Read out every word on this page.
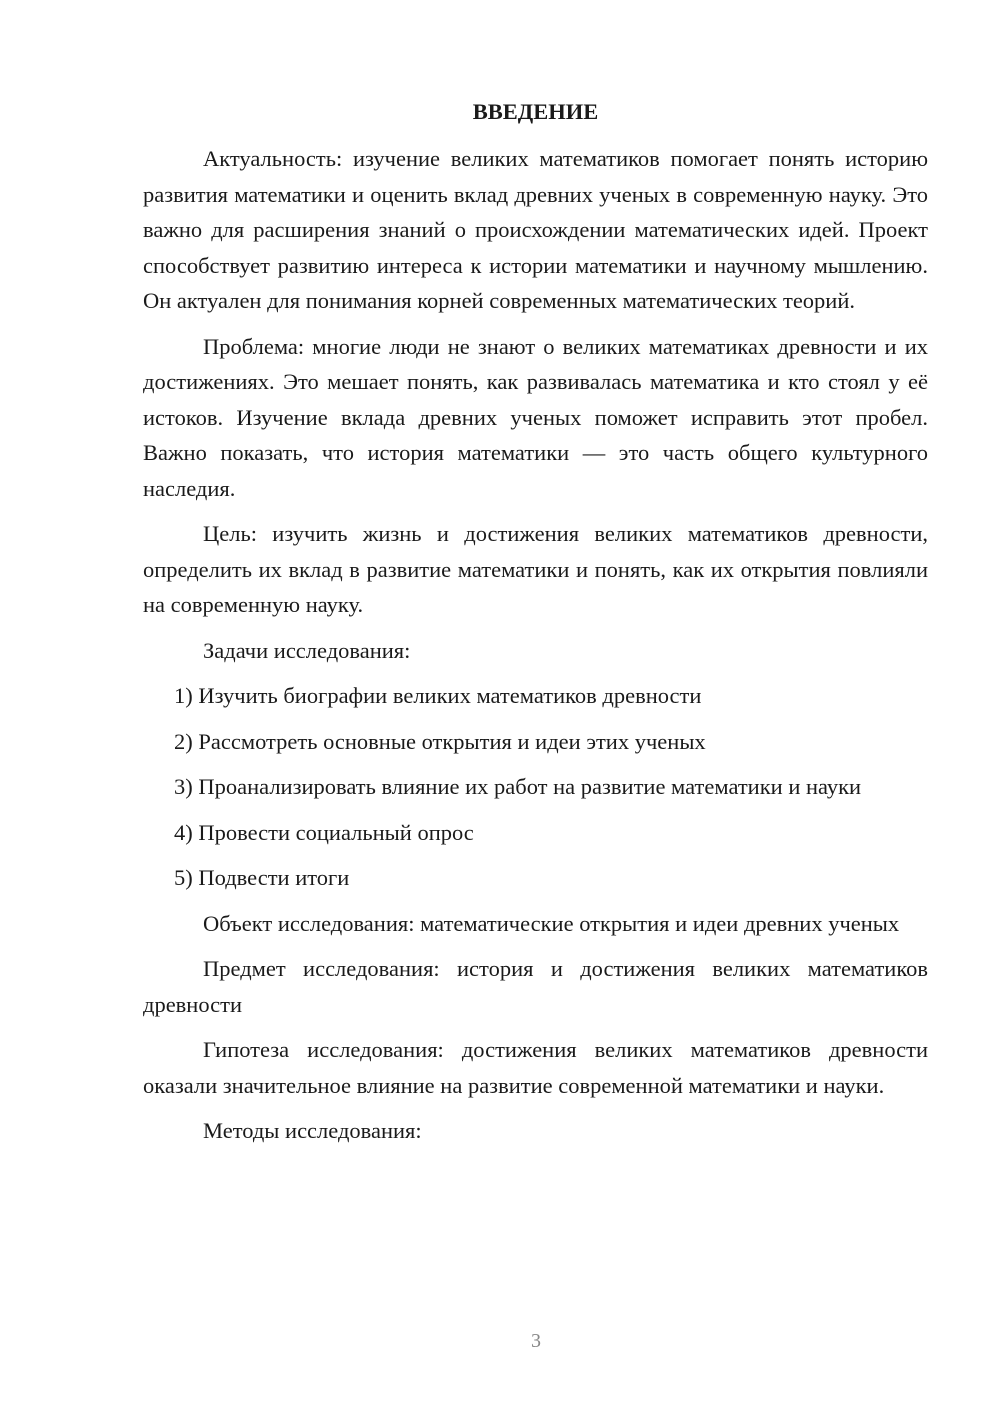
ВВЕДЕНИЕ

Актуальность: изучение великих математиков помогает понять историю развития математики и оценить вклад древних ученых в современную науку. Это важно для расширения знаний о происхождении математических идей. Проект способствует развитию интереса к истории математики и научному мышлению. Он актуален для понимания корней современных математических теорий.

Проблема: многие люди не знают о великих математиках древности и их достижениях. Это мешает понять, как развивалась математика и кто стоял у её истоков. Изучение вклада древних ученых поможет исправить этот пробел. Важно показать, что история математики — это часть общего культурного наследия.

Цель: изучить жизнь и достижения великих математиков древности, определить их вклад в развитие математики и понять, как их открытия повлияли на современную науку.

Задачи исследования:

1) Изучить биографии великих математиков древности

2) Рассмотреть основные открытия и идеи этих ученых

3) Проанализировать влияние их работ на развитие математики и науки

4) Провести социальный опрос

5) Подвести итоги

Объект исследования: математические открытия и идеи древних ученых

Предмет исследования: история и достижения великих математиков древности

Гипотеза исследования: достижения великих математиков древности оказали значительное влияние на развитие современной математики и науки.

Методы исследования:

3
